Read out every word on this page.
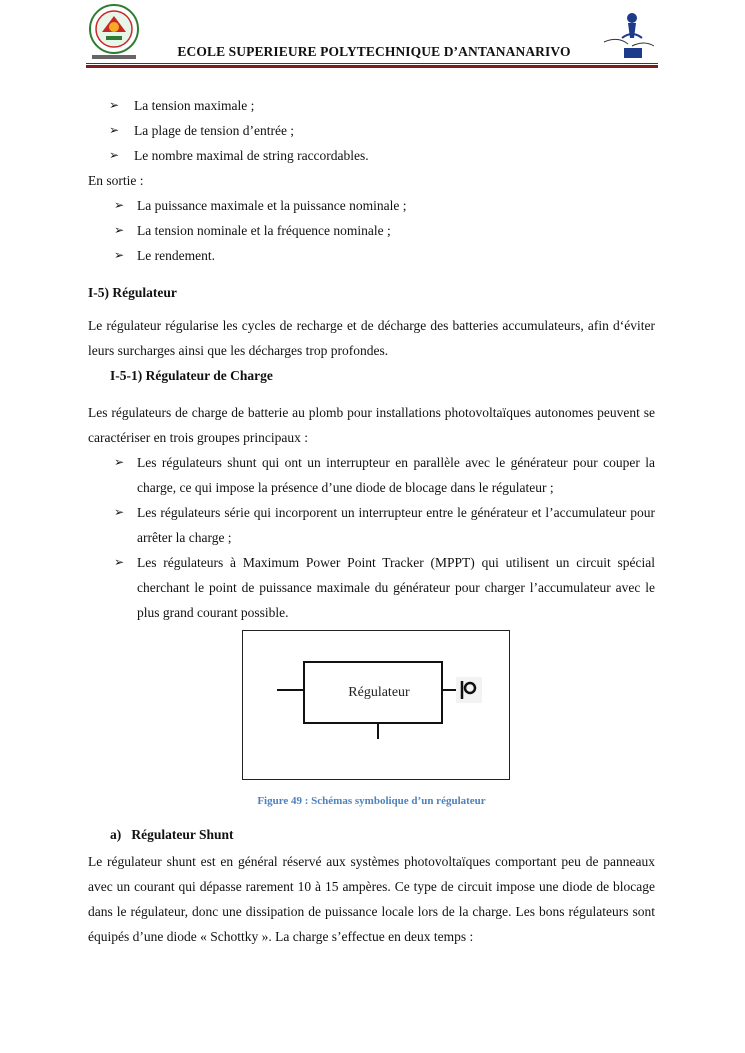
ECOLE SUPERIEURE POLYTECHNIQUE D’ANTANANARIVO
➢	La tension maximale ;
➢	La plage de tension d’entrée ;
➢	Le nombre maximal de string raccordables.
En sortie :
➢ La puissance maximale et la puissance nominale ;
➢ La tension nominale et la fréquence nominale ;
➢ Le rendement.
I-5) Régulateur
Le régulateur régularise les cycles de recharge et de décharge des batteries accumulateurs, afin d‘éviter leurs surcharges ainsi que les décharges trop profondes.
I-5-1) Régulateur de Charge
Les régulateurs de charge de batterie au plomb pour installations photovoltaïques autonomes peuvent se caractériser en trois groupes principaux :
➢ Les régulateurs shunt qui ont un interrupteur en parallèle avec le générateur pour couper la charge, ce qui impose la présence d’une diode de blocage dans le régulateur ;
➢ Les régulateurs série qui incorporent un interrupteur entre le générateur et l’accumulateur pour arrêter la charge ;
➢ Les régulateurs à Maximum Power Point Tracker (MPPT) qui utilisent un circuit spécial cherchant le point de puissance maximale du générateur pour charger l’accumulateur avec le plus grand courant possible.
Régulateur
Figure 49 : Schémas symbolique d’un régulateur
a)   Régulateur Shunt
Le régulateur shunt est en général réservé aux systèmes photovoltaïques comportant peu de panneaux avec un courant qui dépasse rarement 10 à 15 ampères. Ce type de circuit impose une diode de blocage dans le régulateur, donc une dissipation de puissance locale lors de la charge. Les bons régulateurs sont équipés d’une diode « Schottky ». La charge s’effectue en deux temps :
